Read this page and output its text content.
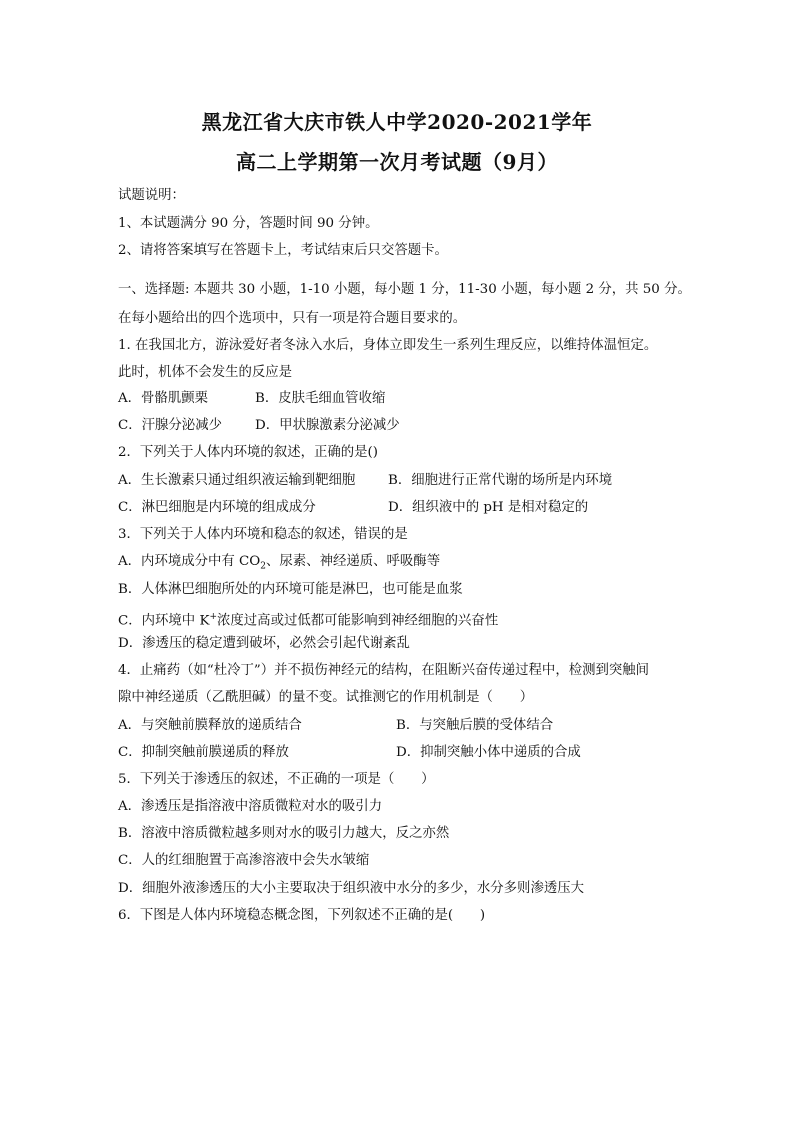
黑龙江省大庆市铁人中学2020-2021学年
高二上学期第一次月考试题（9月）
试题说明：
1、本试题满分 90 分，答题时间 90 分钟。
2、请将答案填写在答题卡上，考试结束后只交答题卡。
一、选择题: 本题共 30 小题，1-10 小题，每小题 1 分，11-30 小题，每小题 2 分，共 50 分。
在每小题给出的四个选项中，只有一项是符合题目要求的。
1. 在我国北方，游泳爱好者冬泳入水后，身体立即发生一系列生理反应，以维持体温恒定。
此时，机体不会发生的反应是
A．骨骼肌颤栗	B．皮肤毛细血管收缩
C．汗腺分泌减少 D．甲状腺激素分泌减少
2．下列关于人体内环境的叙述，正确的是()
A．生长激素只通过组织液运输到靶细胞 B．细胞进行正常代谢的场所是内环境
C．淋巴细胞是内环境的组成成分	D．组织液中的 pH 是相对稳定的
3．下列关于人体内环境和稳态的叙述，错误的是
A．内环境成分中有 $CO_2$、尿素、神经递质、呼吸酶等
B．人体淋巴细胞所处的内环境可能是淋巴，也可能是血浆
C．内环境中 K+浓度过高或过低都可能影响到神经细胞的兴奋性
D．渗透压的稳定遭到破坏，必然会引起代谢紊乱
4．止痛药（如“杜冷丁”）并不损伤神经元的结构，在阻断兴奋传递过程中，检测到突触间
隙中神经递质（乙酰胆碱）的量不变。试推测它的作用机制是（　　）
A．与突触前膜释放的递质结合	B．与突触后膜的受体结合
C．抑制突触前膜递质的释放	D．抑制突触小体中递质的合成
5．下列关于渗透压的叙述，不正确的一项是（　　）
A．渗透压是指溶液中溶质微粒对水的吸引力
B．溶液中溶质微粒越多则对水的吸引力越大，反之亦然
C．人的红细胞置于高渗溶液中会失水皱缩
D．细胞外液渗透压的大小主要取决于组织液中水分的多少，水分多则渗透压大
6．下图是人体内环境稳态概念图，下列叙述不正确的是(　　)
